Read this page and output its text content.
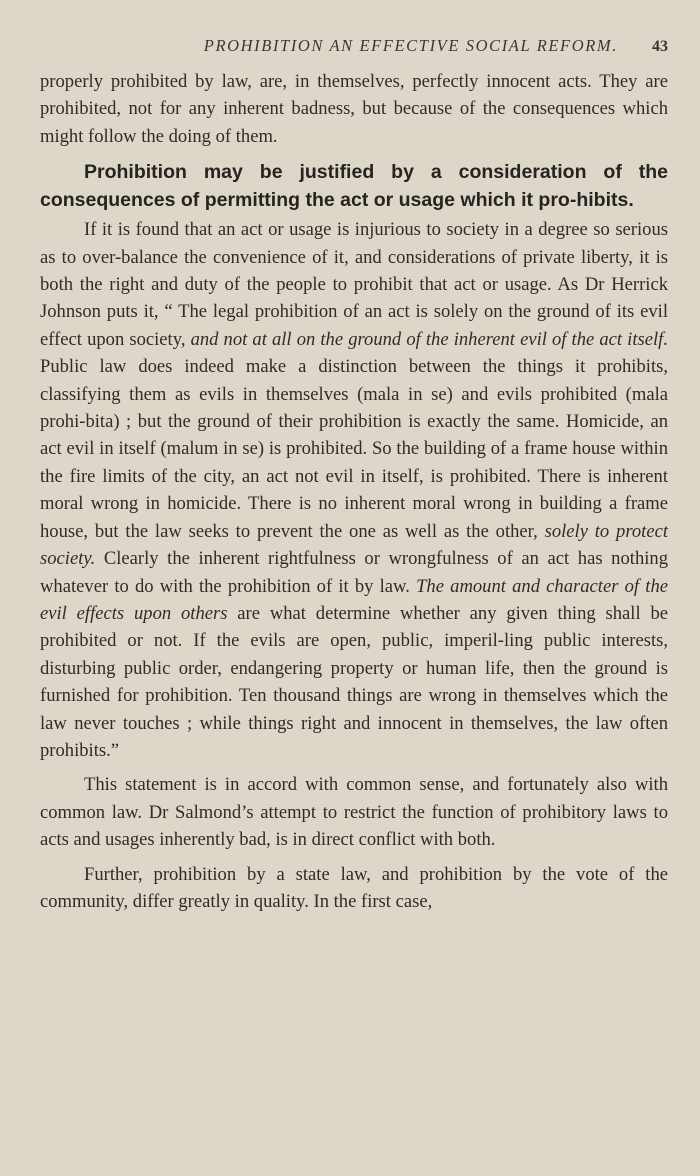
PROHIBITION AN EFFECTIVE SOCIAL REFORM. 43

properly prohibited by law, are, in themselves, perfectly innocent acts. They are prohibited, not for any inherent badness, but because of the consequences which might follow the doing of them.

Prohibition may be justified by a consideration of the consequences of permitting the act or usage which it pro-hibits.

If it is found that an act or usage is injurious to society in a degree so serious as to over-balance the convenience of it, and considerations of private liberty, it is both the right and duty of the people to prohibit that act or usage. As Dr Herrick Johnson puts it, “ The legal prohibition of an act is solely on the ground of its evil effect upon society, and not at all on the ground of the inherent evil of the act itself. Public law does indeed make a distinction between the things it prohibits, classifying them as evils in themselves (mala in se) and evils prohibited (mala prohi-bita) ; but the ground of their prohibition is exactly the same. Homicide, an act evil in itself (malum in se) is prohibited. So the building of a frame house within the fire limits of the city, an act not evil in itself, is prohibited. There is inherent moral wrong in homicide. There is no inherent moral wrong in building a frame house, but the law seeks to prevent the one as well as the other, solely to protect society. Clearly the inherent rightfulness or wrongfulness of an act has nothing whatever to do with the prohibition of it by law. The amount and character of the evil effects upon others are what determine whether any given thing shall be prohibited or not. If the evils are open, public, imperil-ling public interests, disturbing public order, endangering property or human life, then the ground is furnished for prohibition. Ten thousand things are wrong in themselves which the law never touches ; while things right and innocent in themselves, the law often prohibits.”

This statement is in accord with common sense, and fortunately also with common law. Dr Salmond’s attempt to restrict the function of prohibitory laws to acts and usages inherently bad, is in direct conflict with both.

Further, prohibition by a state law, and prohibition by the vote of the community, differ greatly in quality. In the first case,
